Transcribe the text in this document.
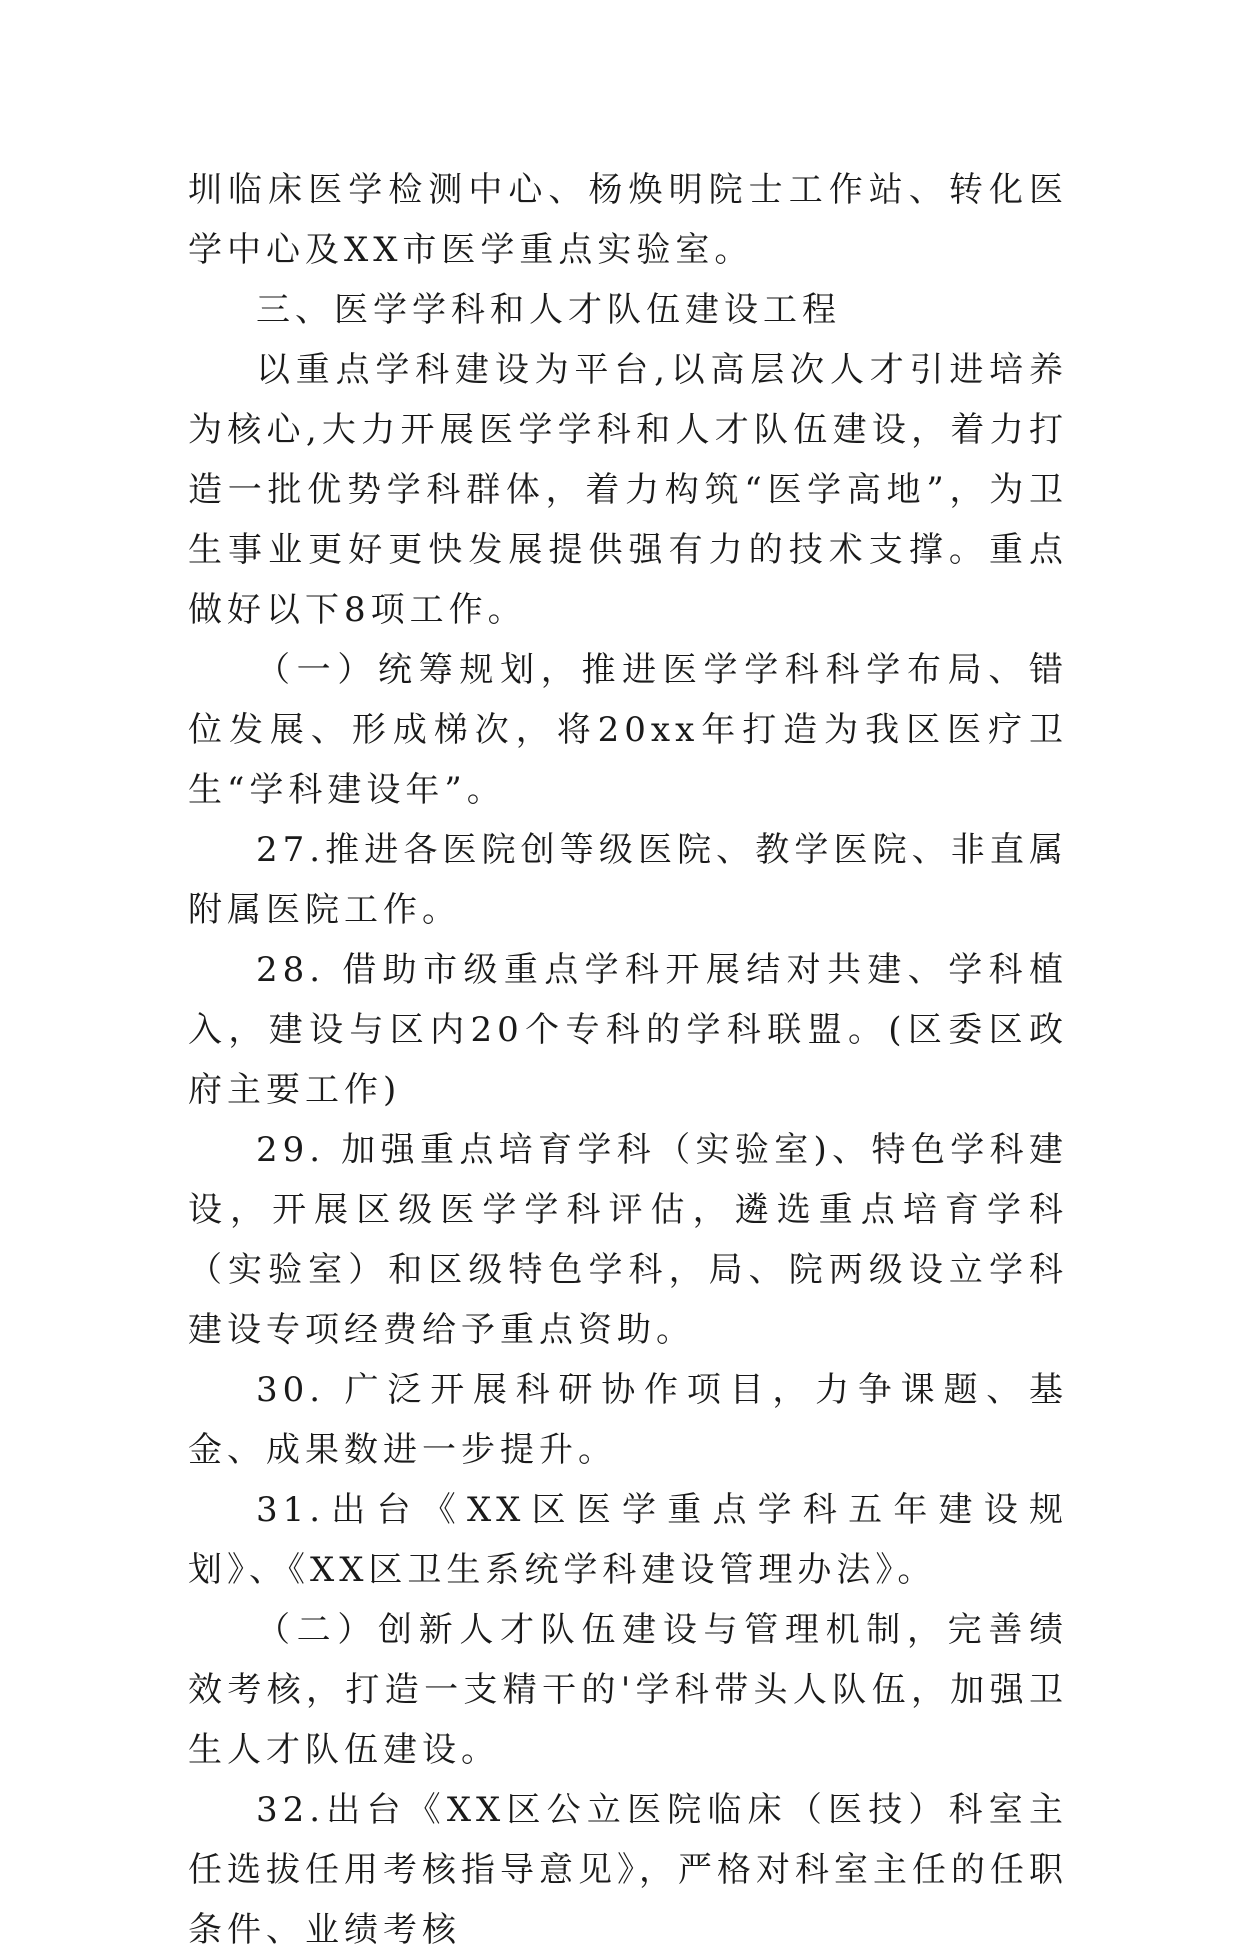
圳临床医学检测中心、杨焕明院士工作站、转化医学中心及XX市医学重点实验室。

三、医学学科和人才队伍建设工程

以重点学科建设为平台,以高层次人才引进培养为核心,大力开展医学学科和人才队伍建设，着力打造一批优势学科群体，着力构筑“医学高地”，为卫生事业更好更快发展提供强有力的技术支撑。重点做好以下8项工作。

（一）统筹规划，推进医学学科科学布局、错位发展、形成梯次，将20xx年打造为我区医疗卫生“学科建设年”。

27.推进各医院创等级医院、教学医院、非直属附属医院工作。

28. 借助市级重点学科开展结对共建、学科植入，建设与区内20个专科的学科联盟。(区委区政府主要工作)

29. 加强重点培育学科（实验室)、特色学科建设，开展区级医学学科评估，遴选重点培育学科（实验室）和区级特色学科，局、院两级设立学科建设专项经费给予重点资助。

30. 广泛开展科研协作项目，力争课题、基金、成果数进一步提升。

31.出台《XX区医学重点学科五年建设规划》、《XX区卫生系统学科建设管理办法》。

（二）创新人才队伍建设与管理机制，完善绩效考核，打造一支精干的'学科带头人队伍，加强卫生人才队伍建设。

32.出台《XX区公立医院临床（医技）科室主任选拔任用考核指导意见》，严格对科室主任的任职条件、业绩考核
